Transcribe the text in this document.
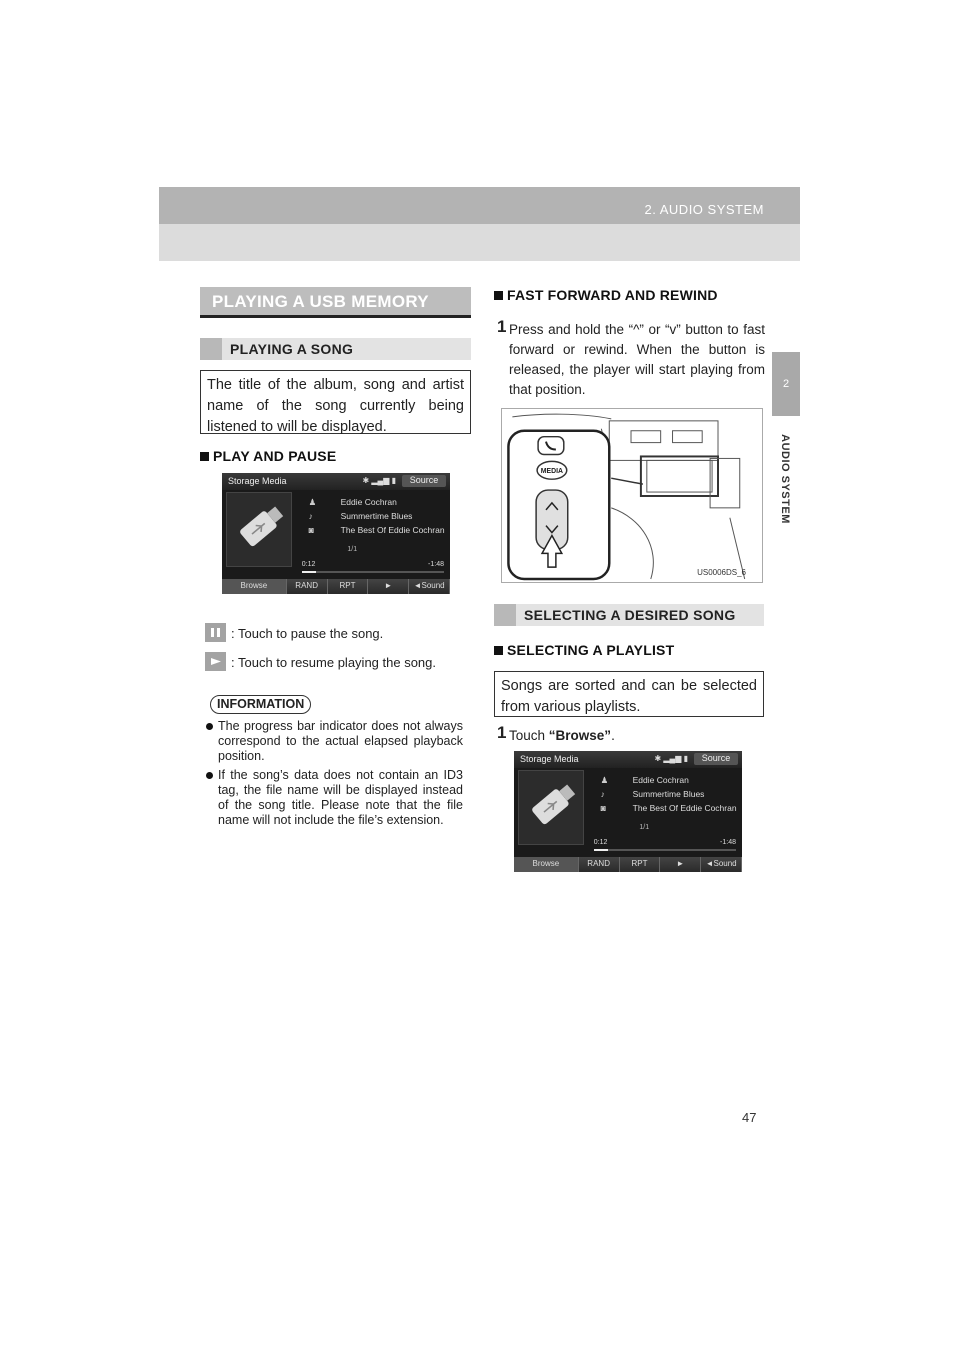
2. AUDIO SYSTEM
2
AUDIO SYSTEM
PLAYING A USB MEMORY
PLAYING A SONG
The title of the album, song and artist name of the song currently being listened to will be displayed.
PLAY AND PAUSE
Storage Media	✱ ▂▄▆ ▮	Source
♟	Eddie Cochran
♪	Summertime Blues
◙	The Best Of Eddie Cochran
1/1
0:12	-1:48
Browse	RAND	RPT	►	◄Sound
: Touch to pause the song.
: Touch to resume playing the song.
INFORMATION
The progress bar indicator does not always correspond to the actual elapsed playback position.
If the song’s data does not contain an ID3 tag, the file name will be displayed instead of the song title. Please note that the file name will not include the file’s extension.
FAST FORWARD AND REWIND
1 Press and hold the “^” or “v” button to fast forward or rewind. When the button is released, the player will start playing from that position.
MEDIA
US0006DS_6
SELECTING A DESIRED SONG
SELECTING A PLAYLIST
Songs are sorted and can be selected from various playlists.
1 Touch “Browse”.
Storage Media	✱ ▂▄▆ ▮	Source
♟	Eddie Cochran
♪	Summertime Blues
◙	The Best Of Eddie Cochran
1/1
0:12	-1:48
Browse	RAND	RPT	►	◄Sound
47
